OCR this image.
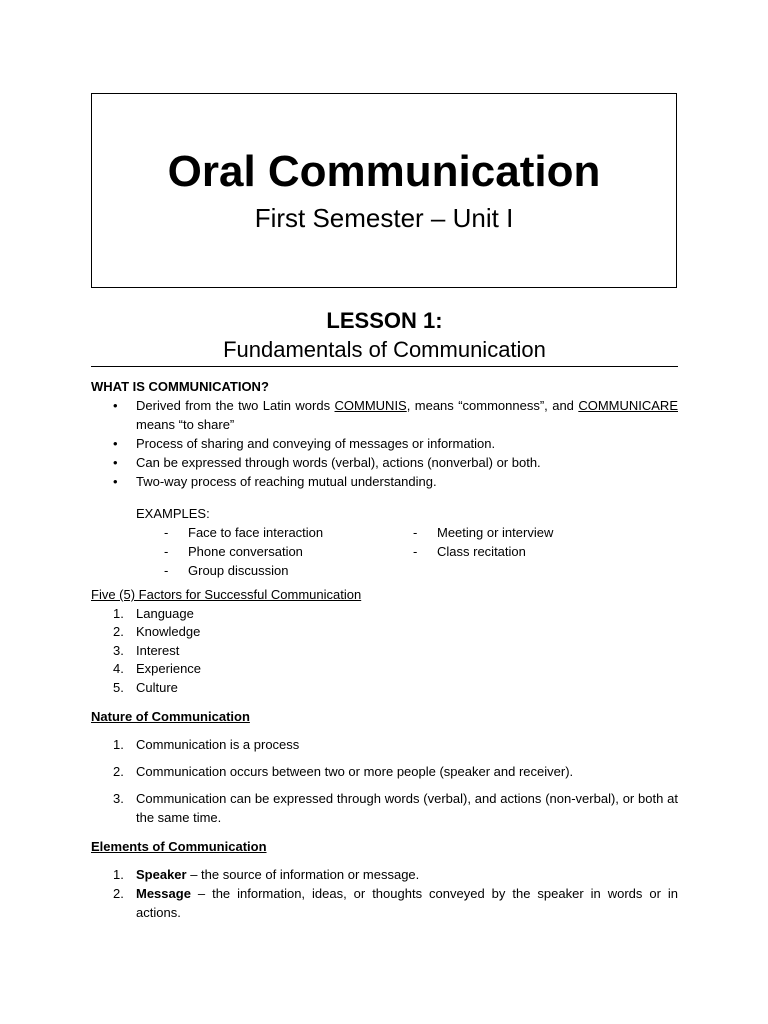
Oral Communication
First Semester – Unit I
LESSON 1:
Fundamentals of Communication
WHAT IS COMMUNICATION?
• Derived from the two Latin words COMMUNIS, means “commonness”, and COMMUNICARE means “to share”
• Process of sharing and conveying of messages or information.
• Can be expressed through words (verbal), actions (nonverbal) or both.
• Two-way process of reaching mutual understanding.
EXAMPLES:
- Face to face interaction
- Phone conversation
- Group discussion
- Meeting or interview
- Class recitation
Five (5) Factors for Successful Communication
1. Language
2. Knowledge
3. Interest
4. Experience
5. Culture
Nature of Communication
1. Communication is a process
2. Communication occurs between two or more people (speaker and receiver).
3. Communication can be expressed through words (verbal), and actions (non-verbal), or both at the same time.
Elements of Communication
1. Speaker – the source of information or message.
2. Message – the information, ideas, or thoughts conveyed by the speaker in words or in actions.
